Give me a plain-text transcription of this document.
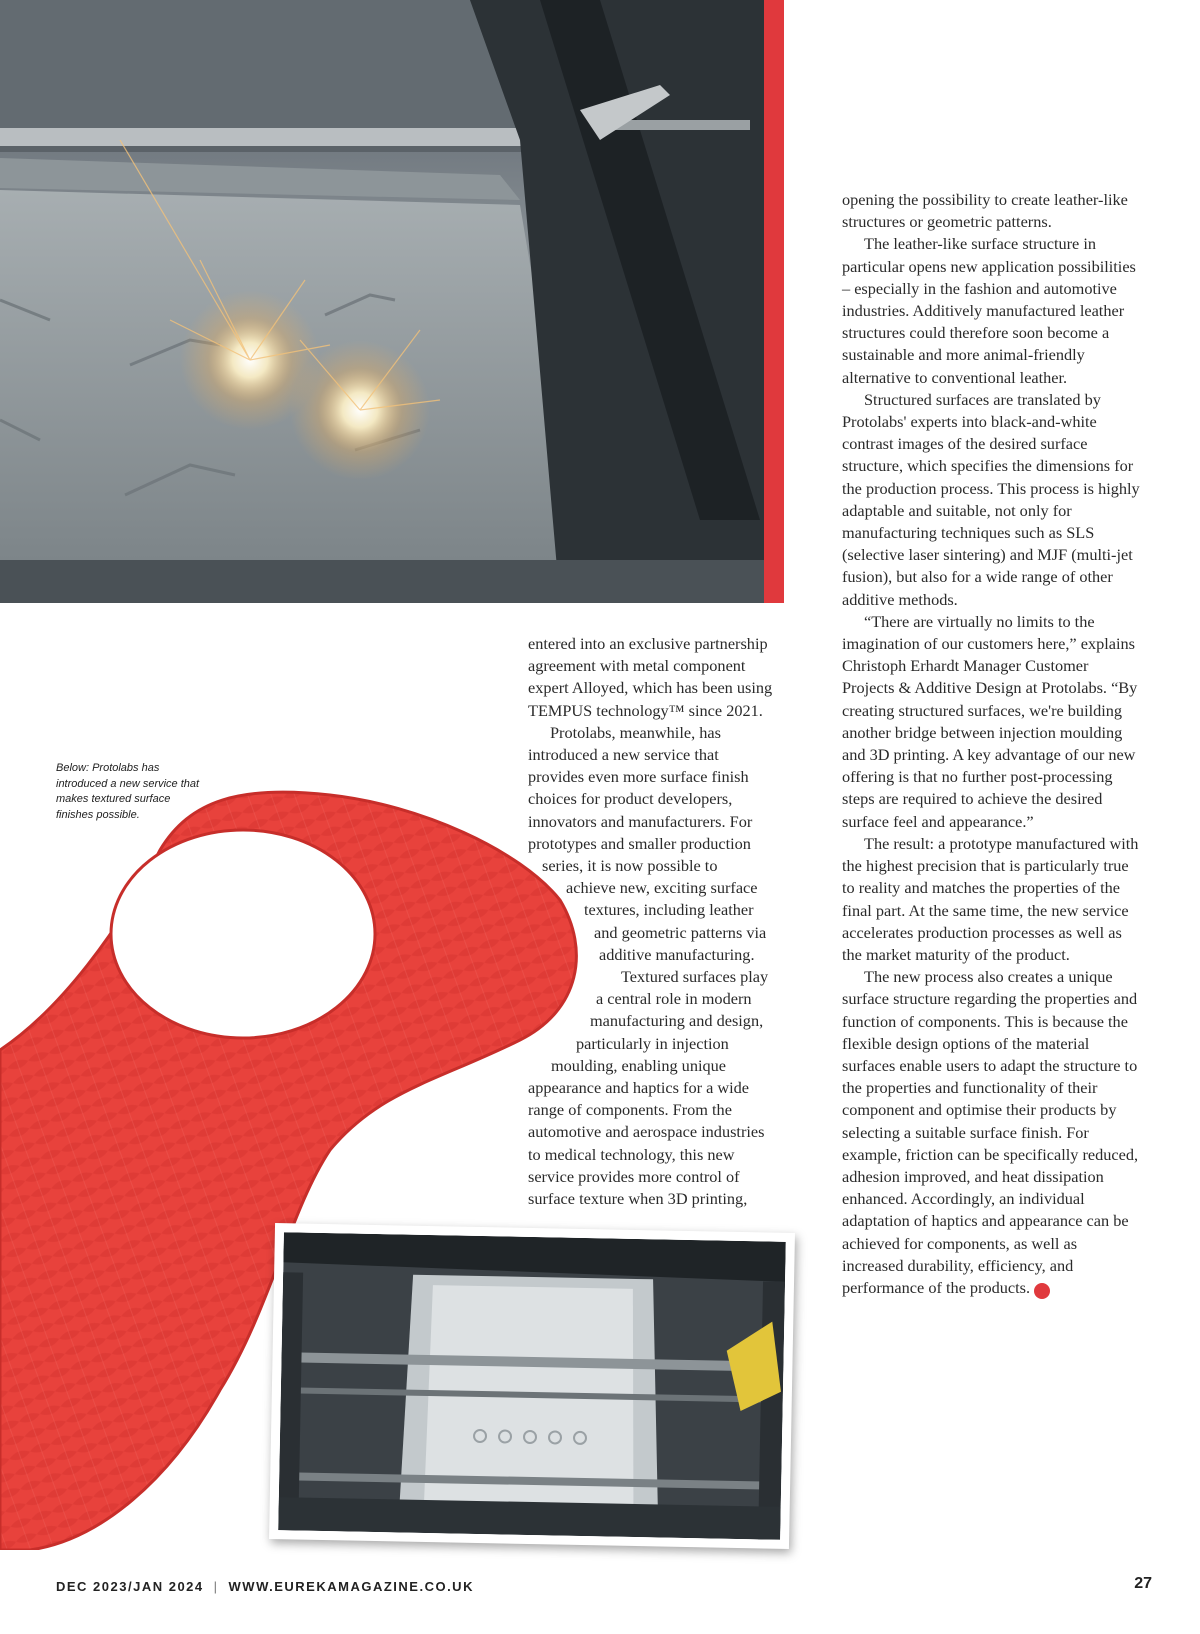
opening the possibility to create leather-like structures or geometric patterns.

The leather-like surface structure in particular opens new application possibilities – especially in the fashion and automotive industries. Additively manufactured leather structures could therefore soon become a sustainable and more animal-friendly alternative to conventional leather.

Structured surfaces are translated by Protolabs' experts into black-and-white contrast images of the desired surface structure, which specifies the dimensions for the production process. This process is highly adaptable and suitable, not only for manufacturing techniques such as SLS (selective laser sintering) and MJF (multi-jet fusion), but also for a wide range of other additive methods.

“There are virtually no limits to the imagination of our customers here,” explains Christoph Erhardt Manager Customer Projects & Additive Design at Protolabs. “By creating structured surfaces, we're building another bridge between injection moulding and 3D printing. A key advantage of our new offering is that no further post-processing steps are required to achieve the desired surface feel and appearance.”

The result: a prototype manufactured with the highest precision that is particularly true to reality and matches the properties of the final part. At the same time, the new service accelerates production processes as well as the market maturity of the product.

The new process also creates a unique surface structure regarding the properties and function of components. This is because the flexible design options of the material surfaces enable users to adapt the structure to the properties and functionality of their component and optimise their products by selecting a suitable surface finish. For example, friction can be specifically reduced, adhesion improved, and heat dissipation enhanced. Accordingly, an individual adaptation of haptics and appearance can be achieved for components, as well as increased durability, efficiency, and performance of the products. !

Below: Protolabs has introduced a new service that makes textured surface finishes possible.
entered into an exclusive partnership
agreement with metal component
expert Alloyed, which has been using
TEMPUS technology™ since 2021.
Protolabs, meanwhile, has
introduced a new service that
provides even more surface finish
choices for product developers,
innovators and manufacturers. For
prototypes and smaller production
series, it is now possible to
achieve new, exciting surface
textures, including leather
and geometric patterns via
additive manufacturing.
Textured surfaces play
a central role in modern
manufacturing and design,
particularly in injection
moulding, enabling unique
appearance and haptics for a wide
range of components. From the
automotive and aerospace industries
to medical technology, this new
service provides more control of
surface texture when 3D printing,
DEC 2023/JAN 2024 | WWW.EUREKAMAGAZINE.CO.UK	27
